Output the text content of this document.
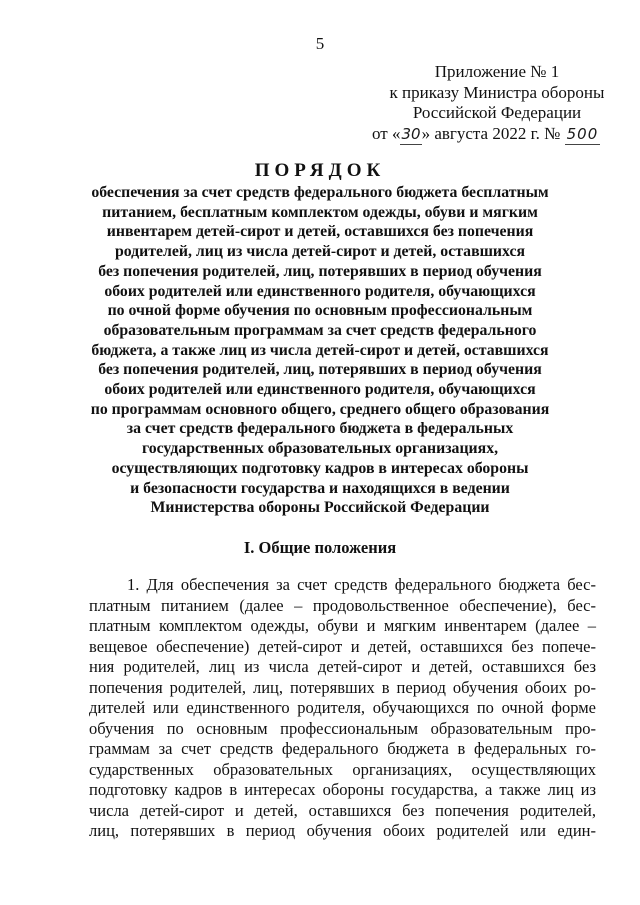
5
Приложение № 1
к приказу Министра обороны
Российской Федерации
от «30» августа 2022 г. № 500
ПОРЯДОК
обеспечения за счет средств федерального бюджета бесплатным
питанием, бесплатным комплектом одежды, обуви и мягким
инвентарем детей-сирот и детей, оставшихся без попечения
родителей, лиц из числа детей-сирот и детей, оставшихся
без попечения родителей, лиц, потерявших в период обучения
обоих родителей или единственного родителя, обучающихся
по очной форме обучения по основным профессиональным
образовательным программам за счет средств федерального
бюджета, а также лиц из числа детей-сирот и детей, оставшихся
без попечения родителей, лиц, потерявших в период обучения
обоих родителей или единственного родителя, обучающихся
по программам основного общего, среднего общего образования
за счет средств федерального бюджета в федеральных
государственных образовательных организациях,
осуществляющих подготовку кадров в интересах обороны
и безопасности государства и находящихся в ведении
Министерства обороны Российской Федерации
I. Общие положения
1. Для обеспечения за счет средств федерального бюджета бес-
платным питанием (далее – продовольственное обеспечение), бес-
платным комплектом одежды, обуви и мягким инвентарем (далее –
вещевое обеспечение) детей-сирот и детей, оставшихся без попече-
ния родителей, лиц из числа детей-сирот и детей, оставшихся без
попечения родителей, лиц, потерявших в период обучения обоих ро-
дителей или единственного родителя, обучающихся по очной форме
обучения по основным профессиональным образовательным про-
граммам за счет средств федерального бюджета в федеральных го-
сударственных образовательных организациях, осуществляющих
подготовку кадров в интересах обороны государства, а также лиц из
числа детей-сирот и детей, оставшихся без попечения родителей,
лиц, потерявших в период обучения обоих родителей или един-
